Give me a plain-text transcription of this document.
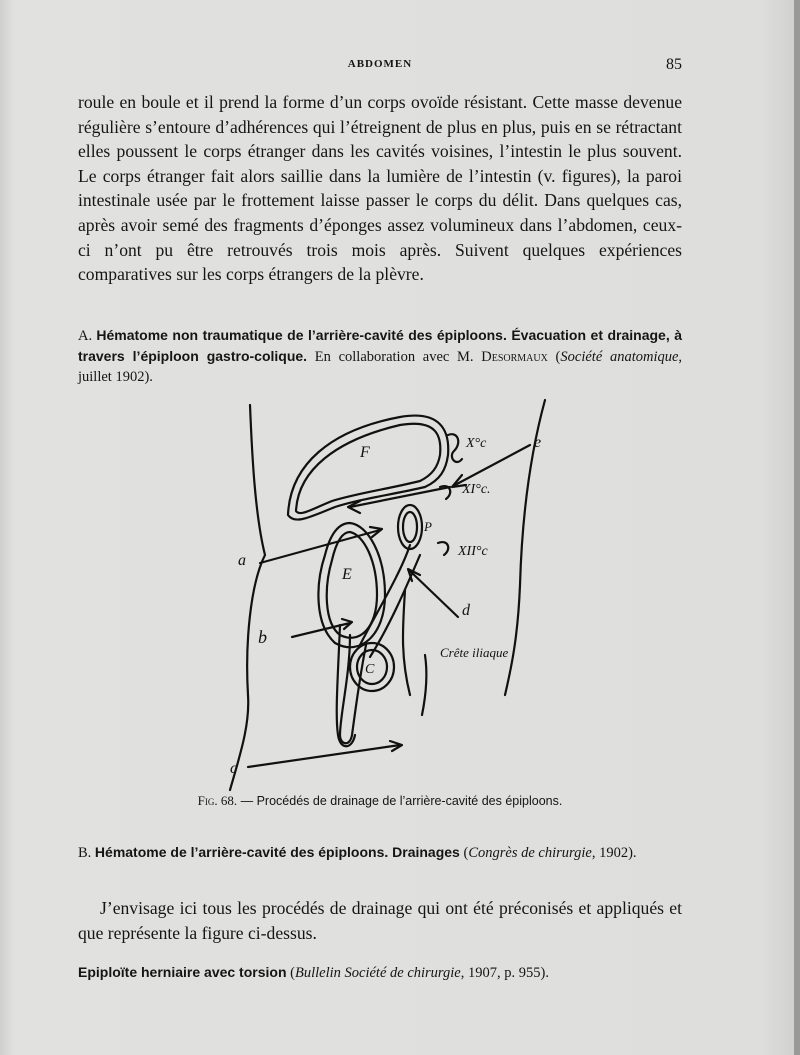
ABDOMEN	85
roule en boule et il prend la forme d’un corps ovoïde résistant. Cette masse devenue régulière s’entoure d’adhérences qui l’étreignent de plus en plus, puis en se rétractant elles poussent le corps étranger dans les cavités voisines, l’intestin le plus souvent. Le corps étranger fait alors saillie dans la lumière de l’intestin (v. figures), la paroi intestinale usée par le frottement laisse passer le corps du délit. Dans quelques cas, après avoir semé des fragments d’éponges assez volumineux dans l’abdomen, ceux-ci n’ont pu être retrouvés trois mois après. Suivent quelques expériences comparatives sur les corps étrangers de la plèvre.
A. Hématome non traumatique de l’arrière-cavité des épiploons. Évacuation et drainage, à travers l’épiploon gastro-colique. En collaboration avec M. Desormaux (Société anatomique, juillet 1902).
F
E
P
C
a
b
c
d
e
X°c
XI°c.
XII°c
Crête iliaque
Fig. 68. — Procédés de drainage de l’arrière-cavité des épiploons.
B. Hématome de l’arrière-cavité des épiploons. Drainages (Congrès de chirurgie, 1902).
J’envisage ici tous les procédés de drainage qui ont été préconisés et appliqués et que représente la figure ci-dessus.
Epiploïte herniaire avec torsion (Bullelin Société de chirurgie, 1907, p. 955).
